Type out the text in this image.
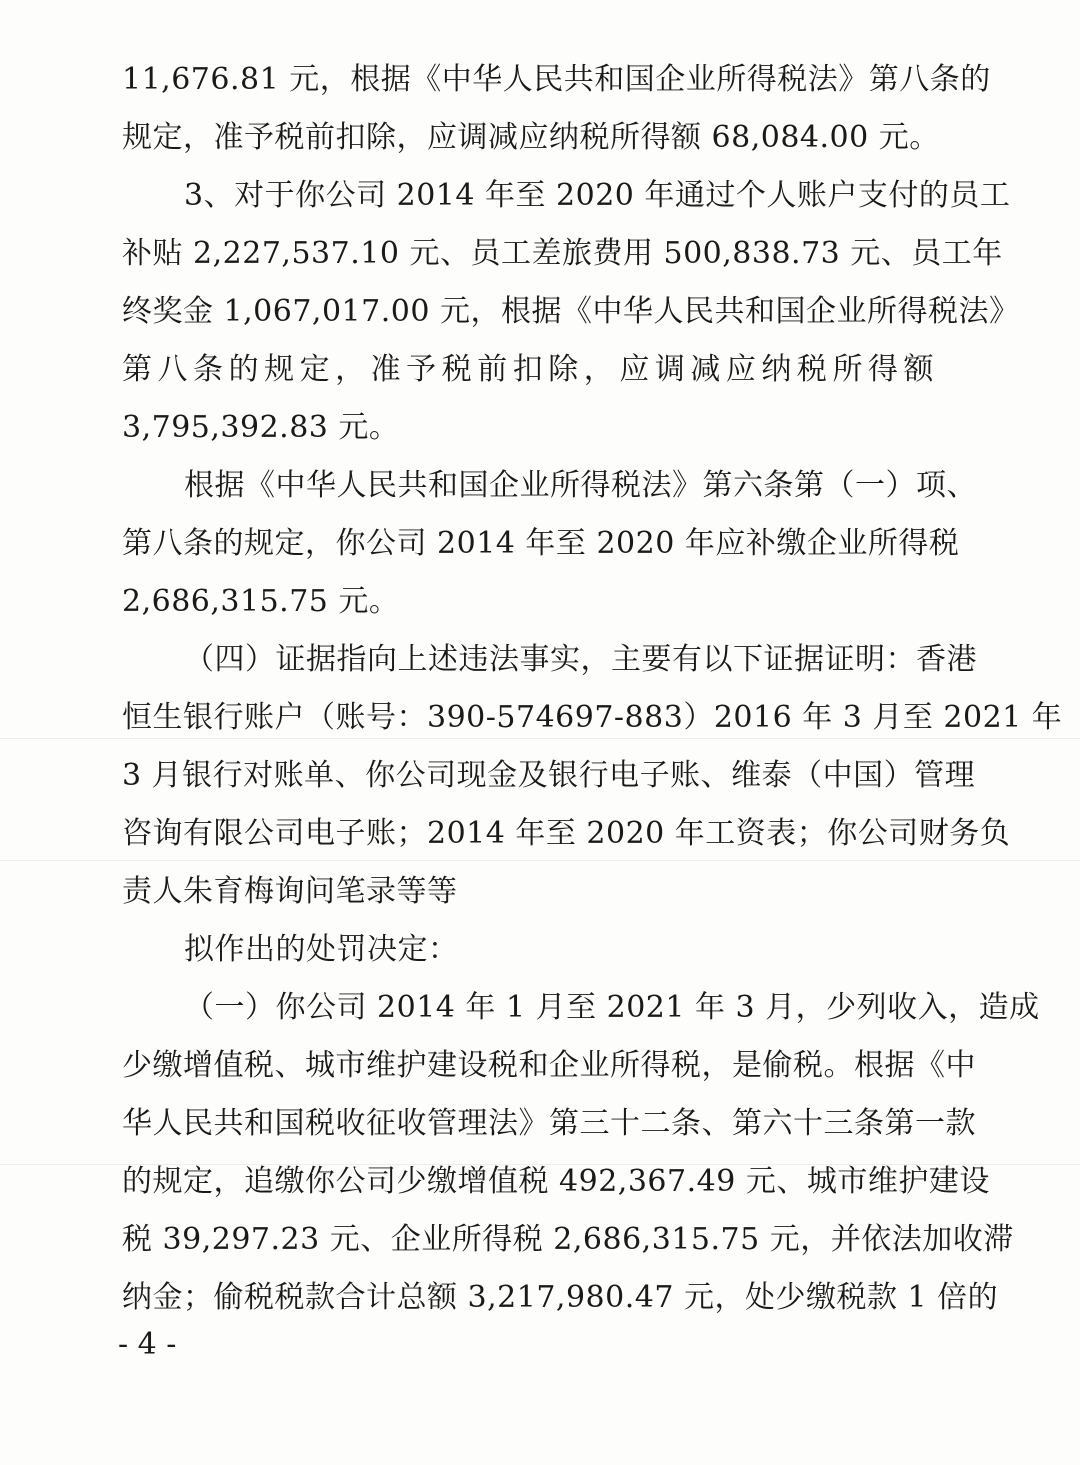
11,676.81 元，根据《中华人民共和国企业所得税法》第八条的
规定，准予税前扣除，应调减应纳税所得额 68,084.00 元。
3、对于你公司 2014 年至 2020 年通过个人账户支付的员工
补贴 2,227,537.10 元、员工差旅费用 500,838.73 元、员工年
终奖金 1,067,017.00 元，根据《中华人民共和国企业所得税法》
第八条的规定，准予税前扣除，应调减应纳税所得额
3,795,392.83 元。
根据《中华人民共和国企业所得税法》第六条第（一）项、
第八条的规定，你公司 2014 年至 2020 年应补缴企业所得税
2,686,315.75 元。
（四）证据指向上述违法事实，主要有以下证据证明：香港
恒生银行账户（账号：390-574697-883）2016 年 3 月至 2021 年
3 月银行对账单、你公司现金及银行电子账、维泰（中国）管理
咨询有限公司电子账；2014 年至 2020 年工资表；你公司财务负
责人朱育梅询问笔录等等
拟作出的处罚决定：
（一）你公司 2014 年 1 月至 2021 年 3 月，少列收入，造成
少缴增值税、城市维护建设税和企业所得税，是偷税。根据《中
华人民共和国税收征收管理法》第三十二条、第六十三条第一款
的规定，追缴你公司少缴增值税 492,367.49 元、城市维护建设
税 39,297.23 元、企业所得税 2,686,315.75 元，并依法加收滞
纳金；偷税税款合计总额 3,217,980.47 元，处少缴税款 1 倍的
- 4 -
